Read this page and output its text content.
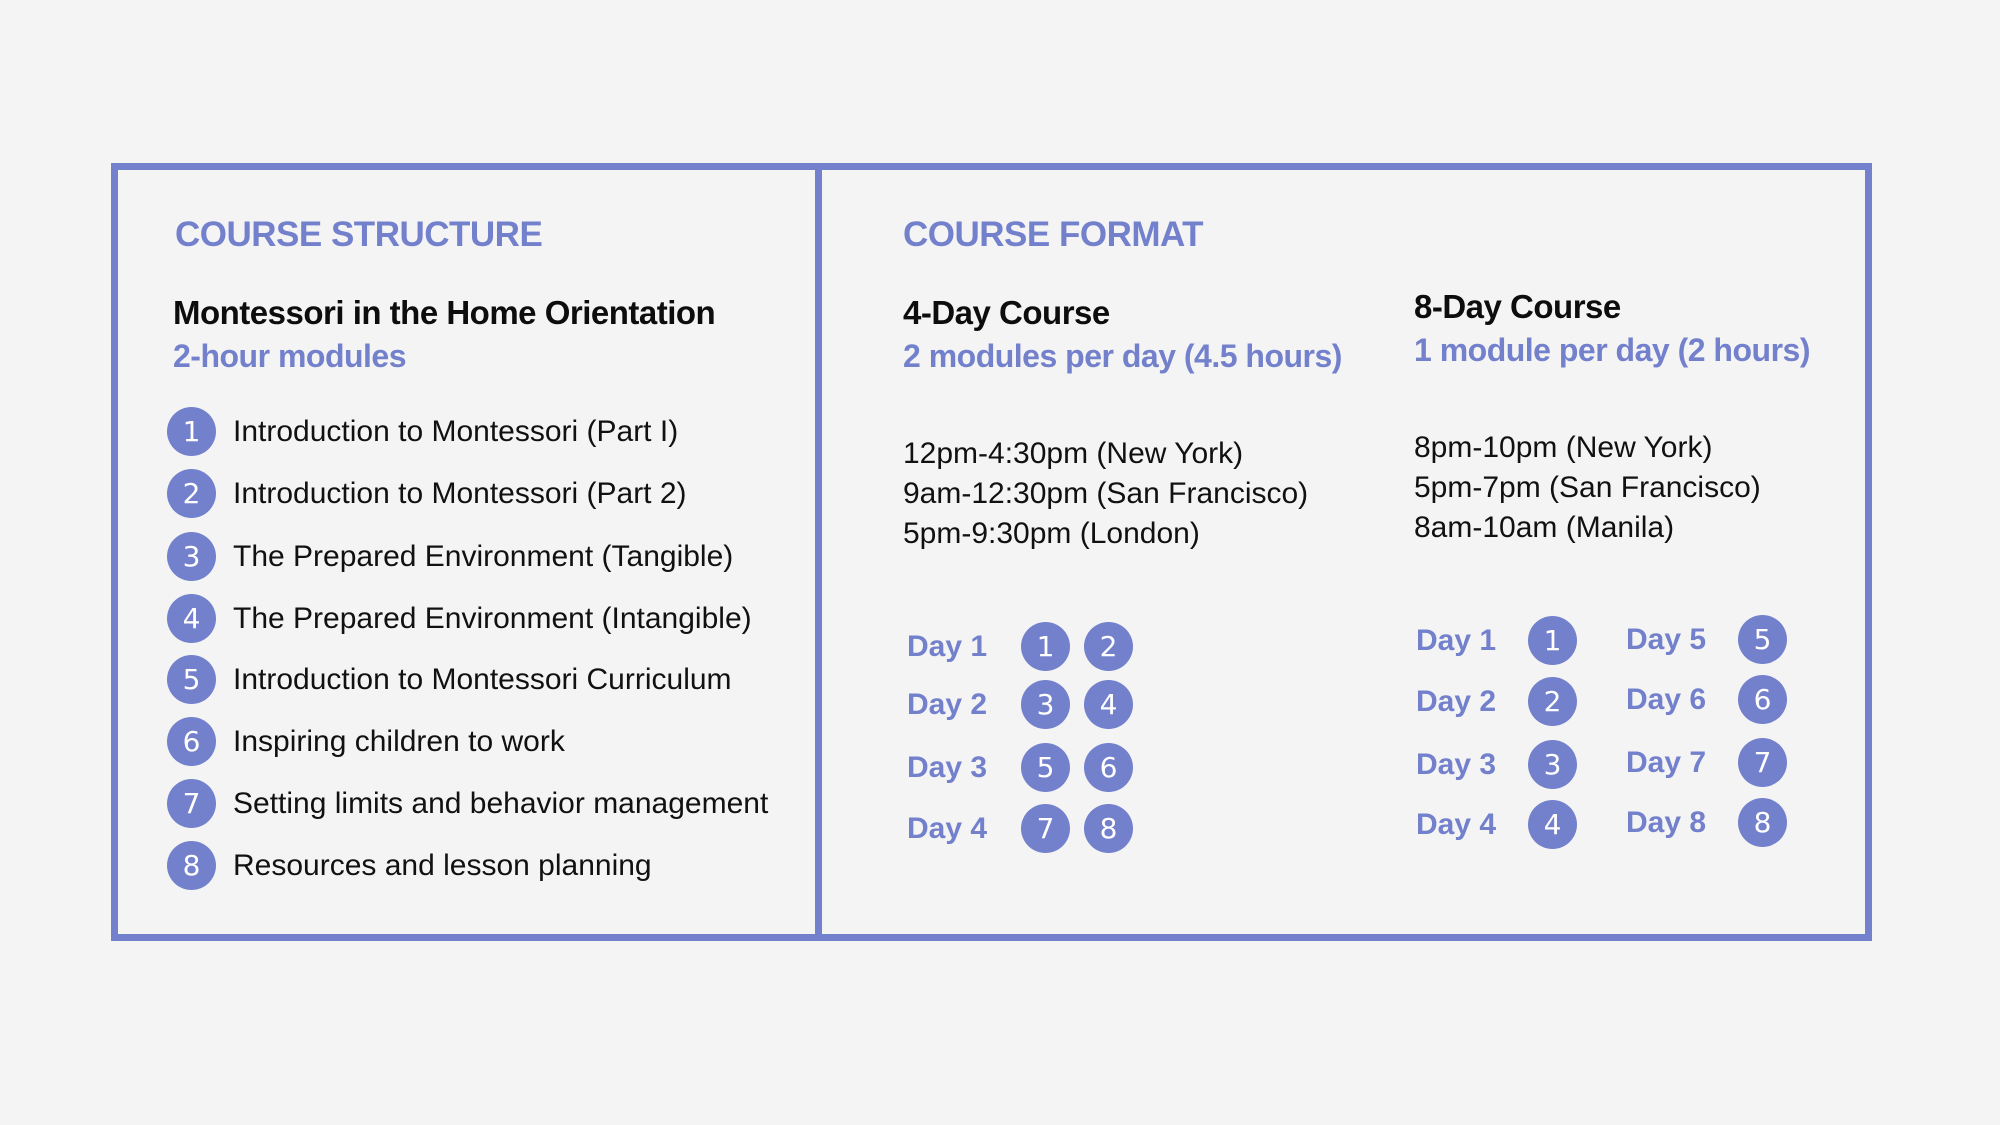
COURSE STRUCTURE
Montessori in the Home Orientation
2-hour modules
1	Introduction to Montessori (Part I)
2	Introduction to Montessori (Part 2)
3	The Prepared Environment (Tangible)
4	The Prepared Environment (Intangible)
5	Introduction to Montessori Curriculum
6	Inspiring children to work
7	Setting limits and behavior management
8	Resources and lesson planning
COURSE FORMAT
4-Day Course
2 modules per day (4.5 hours)
12pm-4:30pm (New York)
9am-12:30pm (San Francisco)
5pm-9:30pm (London)
Day 1	1	2
Day 2	3	4
Day 3	5	6
Day 4	7	8
8-Day Course
1 module per day (2 hours)
8pm-10pm (New York)
5pm-7pm (San Francisco)
8am-10am (Manila)
Day 1	1
Day 2	2
Day 3	3
Day 4	4
Day 5	5
Day 6	6
Day 7	7
Day 8	8
